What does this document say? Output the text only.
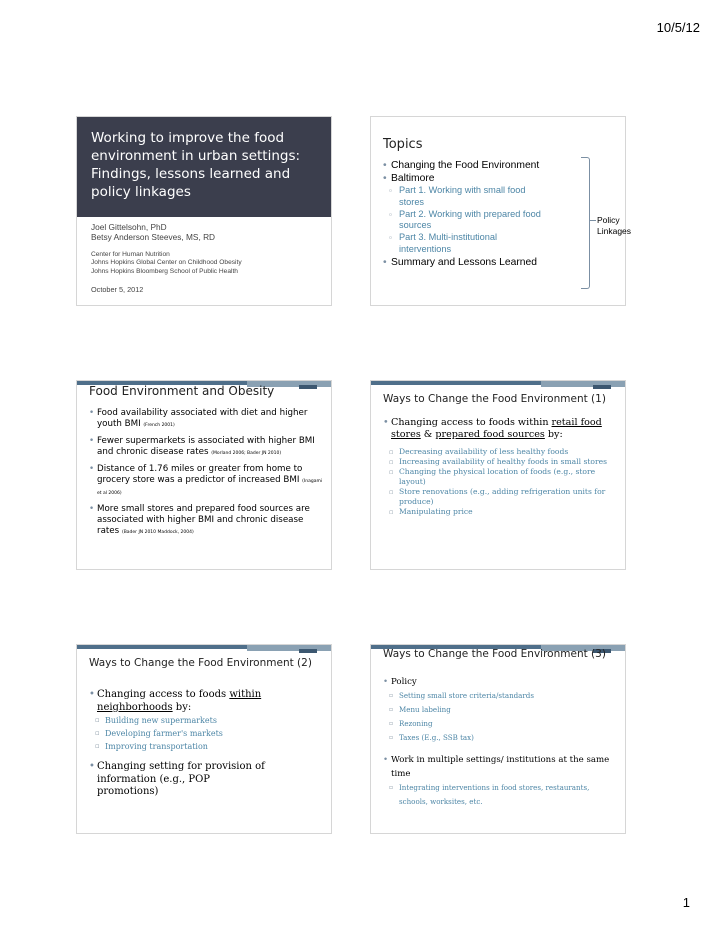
10/5/12
Working to improve the food environment in urban settings: Findings, lessons learned and policy linkages
Joel Gittelsohn, PhD
Betsy Anderson Steeves, MS, RD
Center for Human Nutrition
Johns Hopkins Global Center on Childhood Obesity
Johns Hopkins Bloomberg School of Public Health
October 5, 2012
Topics
• Changing the Food Environment
• Baltimore
▫ Part 1. Working with small food stores
▫ Part 2. Working with prepared food sources
▫ Part 3. Multi-institutional interventions
• Summary and Lessons Learned
Policy
Linkages
Food Environment and Obesity
• Food availability associated with diet and higher youth BMI (French 2001)
• Fewer supermarkets is associated with higher BMI and chronic disease rates (Morland 2006; Bader JN 2010)
• Distance of 1.76 miles or greater from home to grocery store was a predictor of increased BMI (Inagami et al 2006)
• More small stores and prepared food sources are associated with higher BMI and chronic disease rates (Bader JN 2010 Maddock, 2004)
Ways to Change the Food Environment (1)
• Changing access to foods within retail food stores & prepared food sources by:
▫ Decreasing availability of less healthy foods
▫ Increasing availability of healthy foods in small stores
▫ Changing the physical location of foods (e.g., store layout)
▫ Store renovations (e.g., adding refrigeration units for produce)
▫ Manipulating price
Ways to Change the Food Environment (2)
• Changing access to foods within neighborhoods by:
▫ Building new supermarkets
▫ Developing farmer's markets
▫ Improving transportation
• Changing setting for provision of information (e.g., POP promotions)
Ways to Change the Food Environment (3)
• Policy
▫ Setting small store criteria/standards
▫ Menu labeling
▫ Rezoning
▫ Taxes (E.g., SSB tax)
• Work in multiple settings/ institutions at the same time
▫ Integrating interventions in food stores, restaurants, schools, worksites, etc.
1
